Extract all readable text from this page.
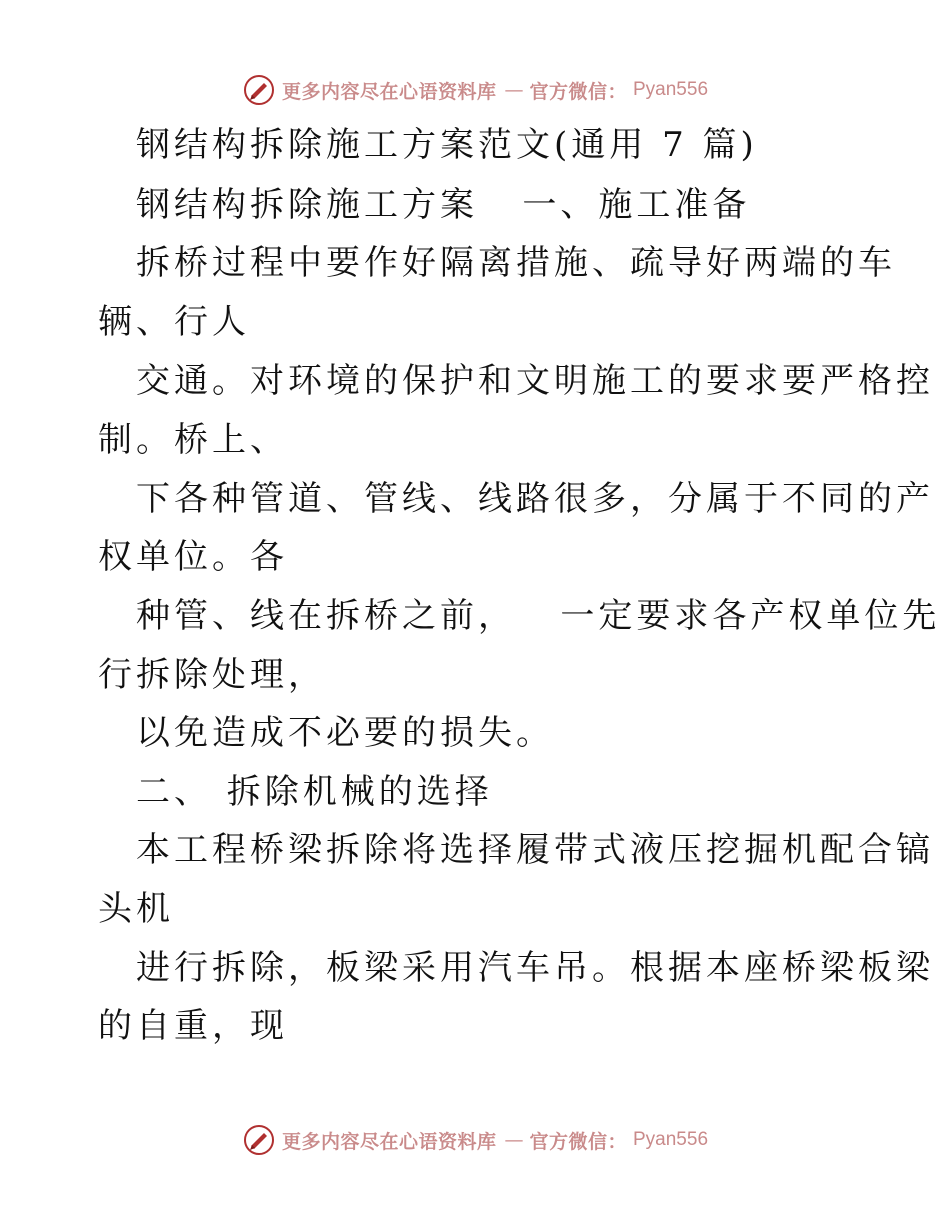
更多内容尽在心语资料库 — 官方微信： Pyan556
钢结构拆除施工方案范文(通用 7 篇)
钢结构拆除施工方案   一、施工准备
拆桥过程中要作好隔离措施、疏导好两端的车
辆、行人
交通。对环境的保护和文明施工的要求要严格控
制。桥上、
下各种管道、管线、线路很多，分属于不同的产
权单位。各
种管、线在拆桥之前，   一定要求各产权单位先
行拆除处理，
以免造成不必要的损失。
二、 拆除机械的选择
本工程桥梁拆除将选择履带式液压挖掘机配合镐
头机
进行拆除，板梁采用汽车吊。根据本座桥梁板梁
的自重，现
更多内容尽在心语资料库 — 官方微信： Pyan556
